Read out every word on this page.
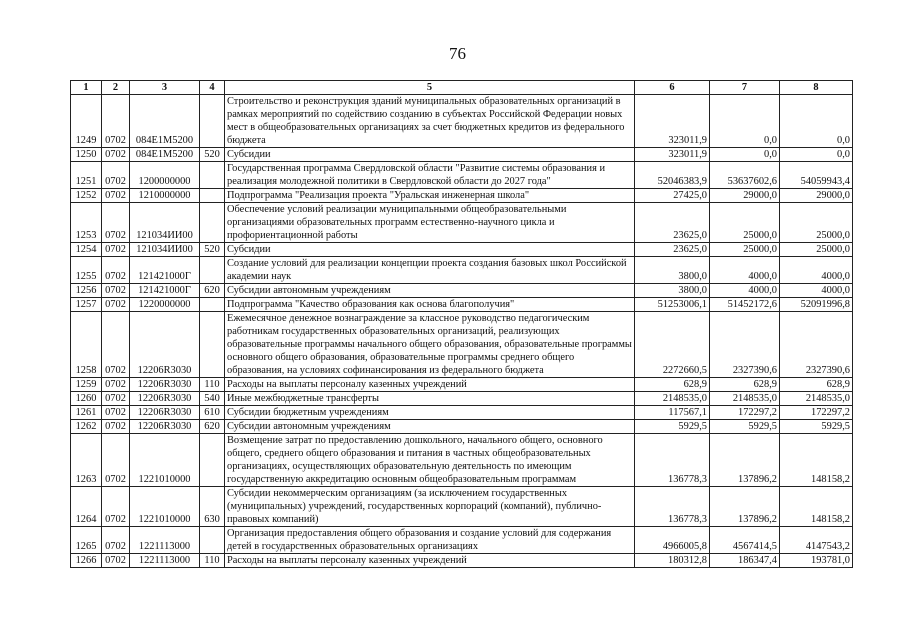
76
1	2	3	4	5	6	7	8
1249	0702	084E1M5200		Строительство и реконструкция зданий муниципальных образовательных организаций в рамках мероприятий по содействию созданию в субъектах Российской Федерации новых мест в общеобразовательных организациях за счет бюджетных кредитов из федерального бюджета	323011,9	0,0	0,0
1250	0702	084E1M5200	520	Субсидии	323011,9	0,0	0,0
1251	0702	1200000000		Государственная программа Свердловской области "Развитие системы образования и реализация молодежной политики в Свердловской области до 2027 года"	52046383,9	53637602,6	54059943,4
1252	0702	1210000000		Подпрограмма "Реализация проекта "Уральская инженерная школа"	27425,0	29000,0	29000,0
1253	0702	121034ИИ00		Обеспечение условий реализации муниципальными общеобразовательными организациями образовательных программ естественно-научного цикла и профориентационной работы	23625,0	25000,0	25000,0
1254	0702	121034ИИ00	520	Субсидии	23625,0	25000,0	25000,0
1255	0702	121421000Г		Создание условий для реализации концепции проекта создания базовых школ Российской академии наук	3800,0	4000,0	4000,0
1256	0702	121421000Г	620	Субсидии автономным учреждениям	3800,0	4000,0	4000,0
1257	0702	1220000000		Подпрограмма "Качество образования как основа благополучия"	51253006,1	51452172,6	52091996,8
1258	0702	12206R3030		Ежемесячное денежное вознаграждение за классное руководство педагогическим работникам государственных образовательных организаций, реализующих образовательные программы начального общего образования, образовательные программы основного общего образования, образовательные программы среднего общего образования, на условиях софинансирования из федерального бюджета	2272660,5	2327390,6	2327390,6
1259	0702	12206R3030	110	Расходы на выплаты персоналу казенных учреждений	628,9	628,9	628,9
1260	0702	12206R3030	540	Иные межбюджетные трансферты	2148535,0	2148535,0	2148535,0
1261	0702	12206R3030	610	Субсидии бюджетным учреждениям	117567,1	172297,2	172297,2
1262	0702	12206R3030	620	Субсидии автономным учреждениям	5929,5	5929,5	5929,5
1263	0702	1221010000		Возмещение затрат по предоставлению дошкольного, начального общего, основного общего, среднего общего образования и питания в частных общеобразовательных организациях, осуществляющих образовательную деятельность по имеющим государственную аккредитацию основным общеобразовательным программам	136778,3	137896,2	148158,2
1264	0702	1221010000	630	Субсидии некоммерческим организациям (за исключением государственных (муниципальных) учреждений, государственных корпораций (компаний), публично-правовых компаний)	136778,3	137896,2	148158,2
1265	0702	1221113000		Организация предоставления общего образования и создание условий для содержания детей в государственных образовательных организациях	4966005,8	4567414,5	4147543,2
1266	0702	1221113000	110	Расходы на выплаты персоналу казенных учреждений	180312,8	186347,4	193781,0
